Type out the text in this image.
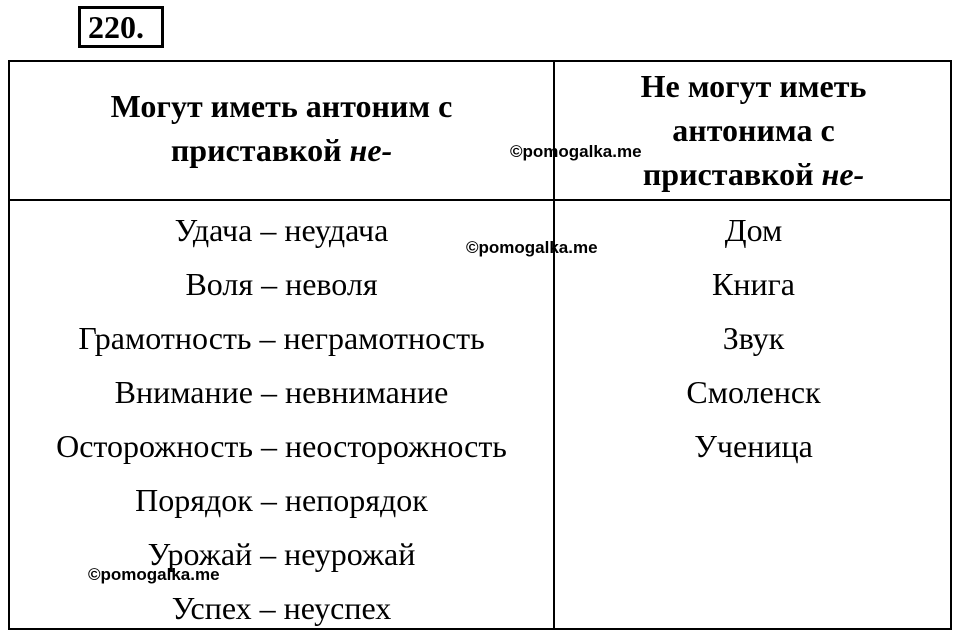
220.
Могут иметь антоним с
приставкой не-
Не могут иметь
антонима с
приставкой не-
Удача – неудача
Воля – неволя
Грамотность – неграмотность
Внимание – невнимание
Осторожность – неосторожность
Порядок – непорядок
Урожай – неурожай
Успех – неуспех
Дом
Книга
Звук
Смоленск
Ученица
©pomogalka.me
©pomogalka.me
©pomogalka.me
